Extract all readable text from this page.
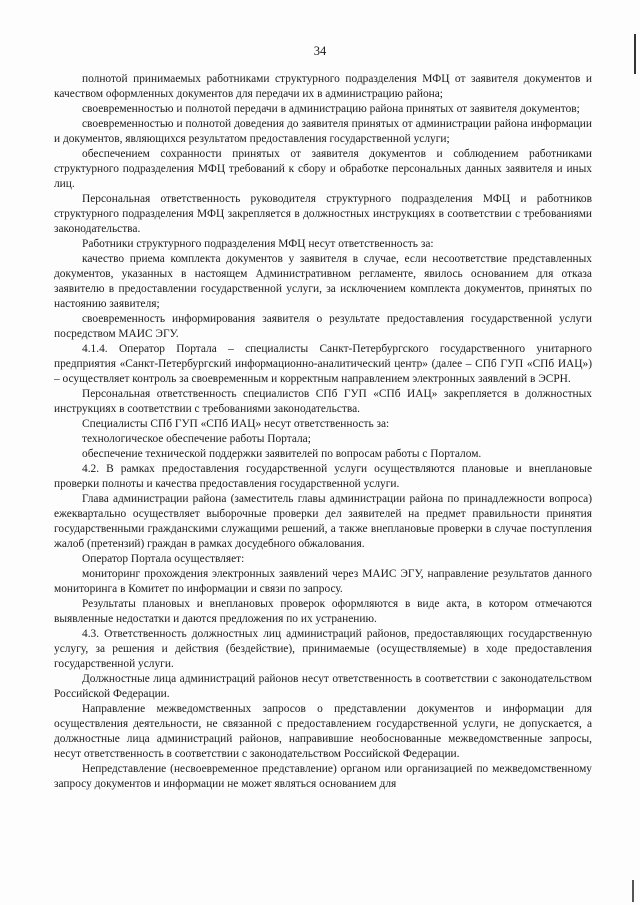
34

полнотой принимаемых работниками структурного подразделения МФЦ от заявителя документов и качеством оформленных документов для передачи их в администрацию района;

своевременностью и полнотой передачи в администрацию района принятых от заявителя документов;

своевременностью и полнотой доведения до заявителя принятых от администрации района информации и документов, являющихся результатом предоставления государственной услуги;

обеспечением сохранности принятых от заявителя документов и соблюдением работниками структурного подразделения МФЦ требований к сбору и обработке персональных данных заявителя и иных лиц.

Персональная ответственность руководителя структурного подразделения МФЦ и работников структурного подразделения МФЦ закрепляется в должностных инструкциях в соответствии с требованиями законодательства.

Работники структурного подразделения МФЦ несут ответственность за:

качество приема комплекта документов у заявителя в случае, если несоответствие представленных документов, указанных в настоящем Административном регламенте, явилось основанием для отказа заявителю в предоставлении государственной услуги, за исключением комплекта документов, принятых по настоянию заявителя;

своевременность информирования заявителя о результате предоставления государственной услуги посредством МАИС ЭГУ.

4.1.4. Оператор Портала – специалисты Санкт-Петербургского государственного унитарного предприятия «Санкт-Петербургский информационно-аналитический центр» (далее – СПб ГУП «СПб ИАЦ») – осуществляет контроль за своевременным и корректным направлением электронных заявлений в ЭСРН.

Персональная ответственность специалистов СПб ГУП «СПб ИАЦ» закрепляется в должностных инструкциях в соответствии с требованиями законодательства.

Специалисты СПб ГУП «СПб ИАЦ» несут ответственность за:

технологическое обеспечение работы Портала;

обеспечение технической поддержки заявителей по вопросам работы с Порталом.

4.2. В рамках предоставления государственной услуги осуществляются плановые и внеплановые проверки полноты и качества предоставления государственной услуги.

Глава администрации района (заместитель главы администрации района по принадлежности вопроса) ежеквартально осуществляет выборочные проверки дел заявителей на предмет правильности принятия государственными гражданскими служащими решений, а также внеплановые проверки в случае поступления жалоб (претензий) граждан в рамках досудебного обжалования.

Оператор Портала осуществляет:

мониторинг прохождения электронных заявлений через МАИС ЭГУ, направление результатов данного мониторинга в Комитет по информации и связи по запросу.

Результаты плановых и внеплановых проверок оформляются в виде акта, в котором отмечаются выявленные недостатки и даются предложения по их устранению.

4.3. Ответственность должностных лиц администраций районов, предоставляющих государственную услугу, за решения и действия (бездействие), принимаемые (осуществляемые) в ходе предоставления государственной услуги.

Должностные лица администраций районов несут ответственность в соответствии с законодательством Российской Федерации.

Направление межведомственных запросов о представлении документов и информации для осуществления деятельности, не связанной с предоставлением государственной услуги, не допускается, а должностные лица администраций районов, направившие необоснованные межведомственные запросы, несут ответственность в соответствии с законодательством Российской Федерации.

Непредставление (несвоевременное представление) органом или организацией по межведомственному запросу документов и информации не может являться основанием для
